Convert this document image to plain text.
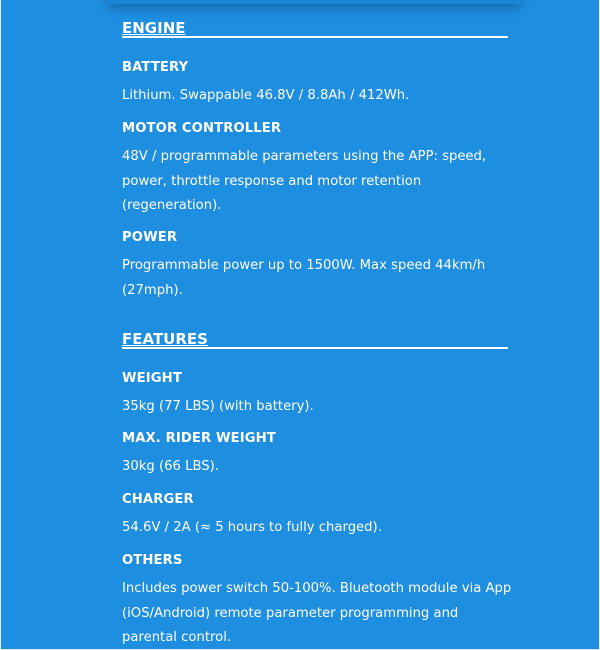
ENGINE
BATTERY
Lithium. Swappable 46.8V / 8.8Ah / 412Wh.
MOTOR CONTROLLER
48V / programmable parameters using the APP: speed,
power, throttle response and motor retention
(regeneration).
POWER
Programmable power up to 1500W. Max speed 44km/h
(27mph).
FEATURES
WEIGHT
35kg (77 LBS) (with battery).
MAX. RIDER WEIGHT
30kg (66 LBS).
CHARGER
54.6V / 2A (≈ 5 hours to fully charged).
OTHERS
Includes power switch 50-100%. Bluetooth module via App
(iOS/Android) remote parameter programming and
parental control.
